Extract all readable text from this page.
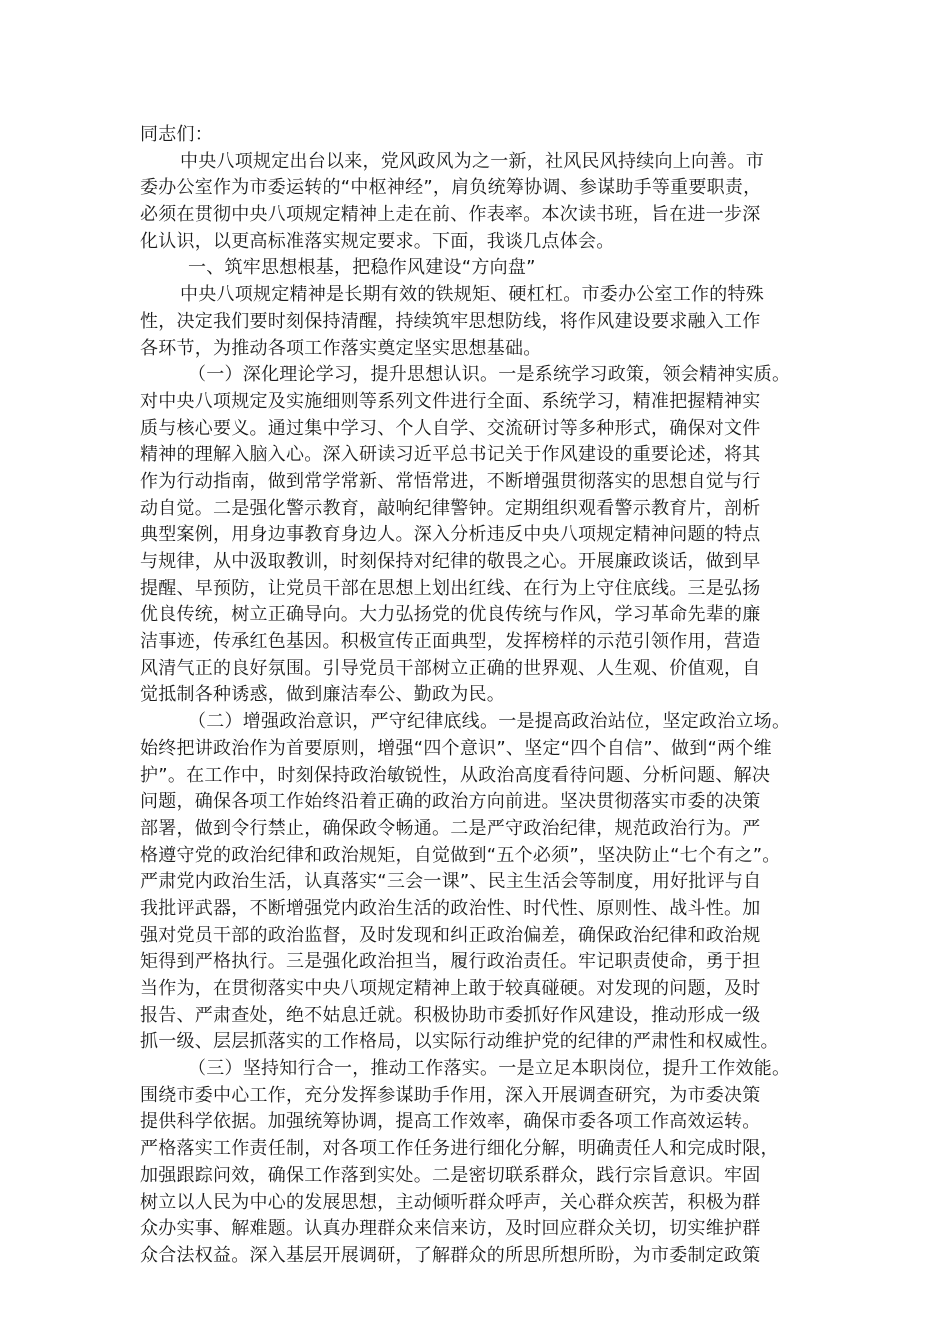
同志们：
中央八项规定出台以来，党风政风为之一新，社风民风持续向上向善。市
委办公室作为市委运转的“中枢神经”，肩负统筹协调、参谋助手等重要职责，
必须在贯彻中央八项规定精神上走在前、作表率。本次读书班，旨在进一步深
化认识，以更高标准落实规定要求。下面，我谈几点体会。
一、筑牢思想根基，把稳作风建设“方向盘”
中央八项规定精神是长期有效的铁规矩、硬杠杠。市委办公室工作的特殊
性，决定我们要时刻保持清醒，持续筑牢思想防线，将作风建设要求融入工作
各环节，为推动各项工作落实奠定坚实思想基础。
（一）深化理论学习，提升思想认识。一是系统学习政策，领会精神实质。
对中央八项规定及实施细则等系列文件进行全面、系统学习，精准把握精神实
质与核心要义。通过集中学习、个人自学、交流研讨等多种形式，确保对文件
精神的理解入脑入心。深入研读习近平总书记关于作风建设的重要论述，将其
作为行动指南，做到常学常新、常悟常进，不断增强贯彻落实的思想自觉与行
动自觉。二是强化警示教育，敲响纪律警钟。定期组织观看警示教育片，剖析
典型案例，用身边事教育身边人。深入分析违反中央八项规定精神问题的特点
与规律，从中汲取教训，时刻保持对纪律的敬畏之心。开展廉政谈话，做到早
提醒、早预防，让党员干部在思想上划出红线、在行为上守住底线。三是弘扬
优良传统，树立正确导向。大力弘扬党的优良传统与作风，学习革命先辈的廉
洁事迹，传承红色基因。积极宣传正面典型，发挥榜样的示范引领作用，营造
风清气正的良好氛围。引导党员干部树立正确的世界观、人生观、价值观，自
觉抵制各种诱惑，做到廉洁奉公、勤政为民。
（二）增强政治意识，严守纪律底线。一是提高政治站位，坚定政治立场。
始终把讲政治作为首要原则，增强“四个意识”、坚定“四个自信”、做到“两个维
护”。在工作中，时刻保持政治敏锐性，从政治高度看待问题、分析问题、解决
问题，确保各项工作始终沿着正确的政治方向前进。坚决贯彻落实市委的决策
部署，做到令行禁止，确保政令畅通。二是严守政治纪律，规范政治行为。严
格遵守党的政治纪律和政治规矩，自觉做到“五个必须”，坚决防止“七个有之”。
严肃党内政治生活，认真落实“三会一课”、民主生活会等制度，用好批评与自
我批评武器，不断增强党内政治生活的政治性、时代性、原则性、战斗性。加
强对党员干部的政治监督，及时发现和纠正政治偏差，确保政治纪律和政治规
矩得到严格执行。三是强化政治担当，履行政治责任。牢记职责使命，勇于担
当作为，在贯彻落实中央八项规定精神上敢于较真碰硬。对发现的问题，及时
报告、严肃查处，绝不姑息迁就。积极协助市委抓好作风建设，推动形成一级
抓一级、层层抓落实的工作格局，以实际行动维护党的纪律的严肃性和权威性。
（三）坚持知行合一，推动工作落实。一是立足本职岗位，提升工作效能。
围绕市委中心工作，充分发挥参谋助手作用，深入开展调查研究，为市委决策
提供科学依据。加强统筹协调，提高工作效率，确保市委各项工作高效运转。
严格落实工作责任制，对各项工作任务进行细化分解，明确责任人和完成时限，
加强跟踪问效，确保工作落到实处。二是密切联系群众，践行宗旨意识。牢固
树立以人民为中心的发展思想，主动倾听群众呼声，关心群众疾苦，积极为群
众办实事、解难题。认真办理群众来信来访，及时回应群众关切，切实维护群
众合法权益。深入基层开展调研，了解群众的所思所想所盼，为市委制定政策
